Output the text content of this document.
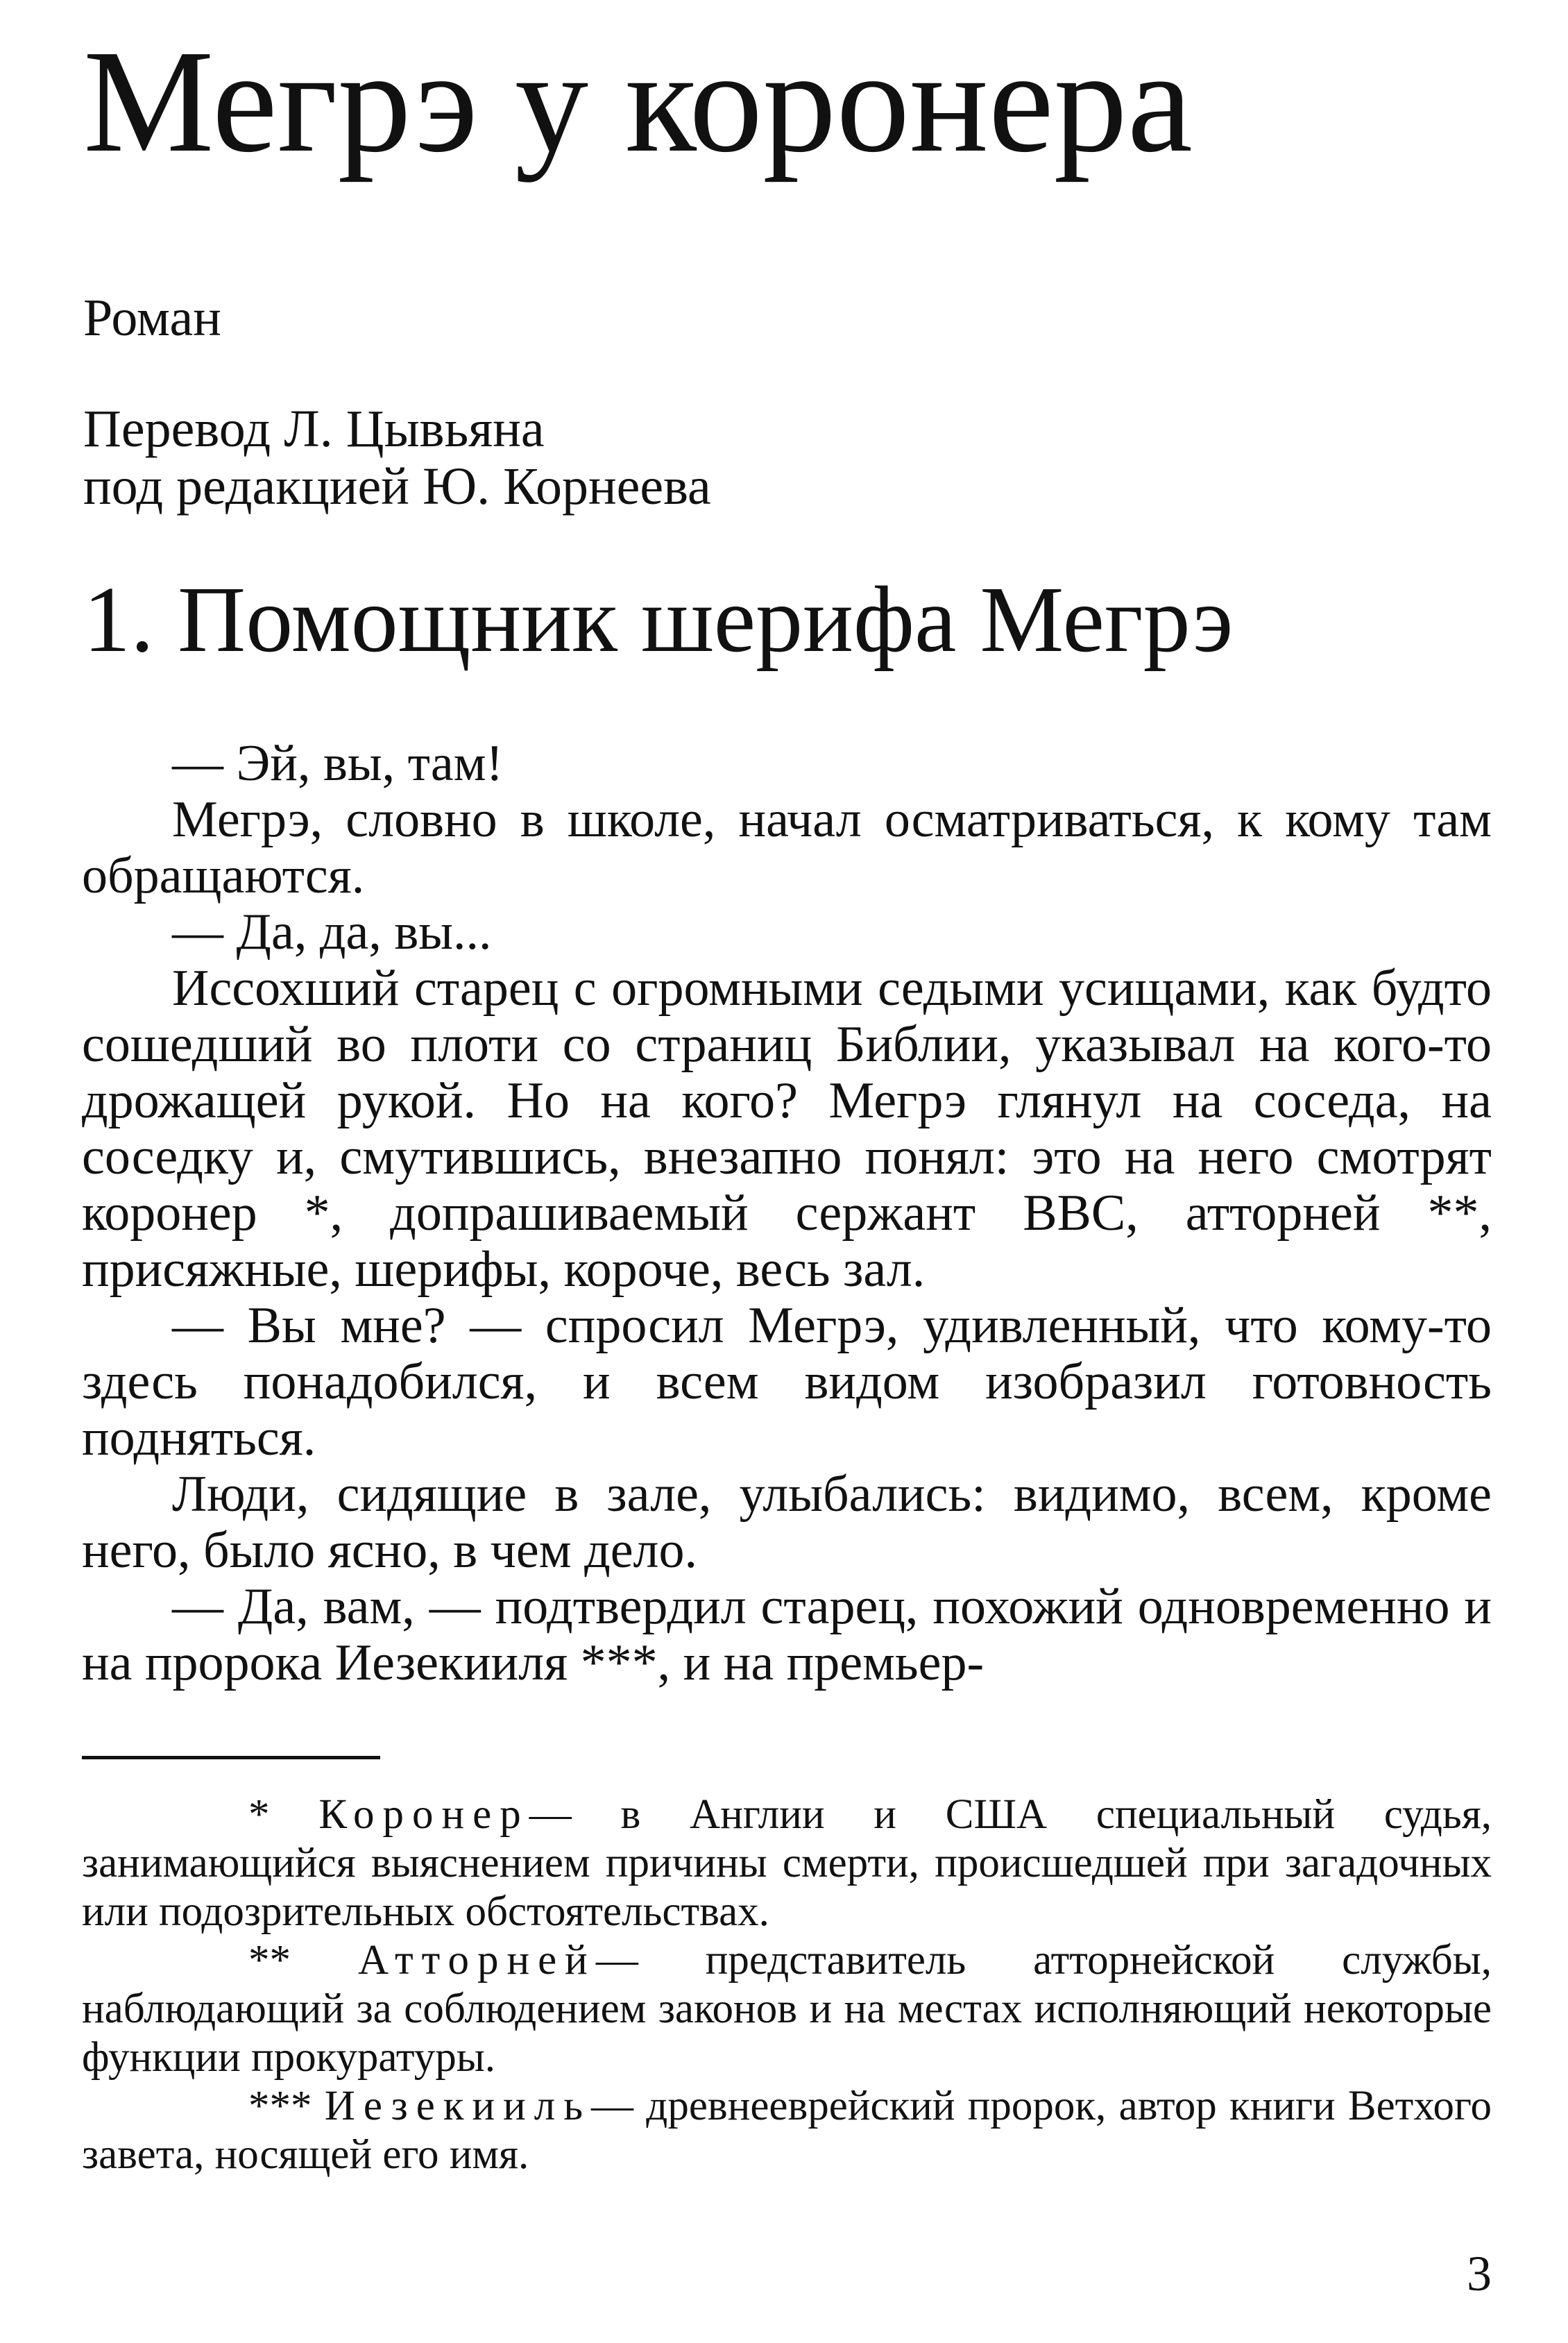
Мегрэ у коронера
Роман
Перевод Л. Цывьяна
под редакцией Ю. Корнеева
1. Помощник шерифа Мегрэ

— Эй, вы, там!

Мегрэ, словно в школе, начал осматриваться, к кому там обращаются.

— Да, да, вы...

Иссохший старец с огромными седыми усищами, как будто сошедший во плоти со страниц Библии, указывал на кого-то дрожащей рукой. Но на кого? Мегрэ глянул на соседа, на соседку и, смутившись, внезапно понял: это на него смотрят коронер *, допрашиваемый сержант ВВС, атторней **, присяжные, шерифы, короче, весь зал.

— Вы мне? — спросил Мегрэ, удивленный, что кому-то здесь понадобился, и всем видом изобразил готовность подняться.

Люди, сидящие в зале, улыбались: видимо, всем, кроме него, было ясно, в чем дело.

— Да, вам, — подтвердил старец, похожий одновременно и на пророка Иезекииля ***, и на премьер-

* Коронер— в Англии и США специальный судья, занимающийся выяснением причины смерти, происшедшей при загадочных или подозрительных обстоятельствах.

** Атторней— представитель атторнейской службы, наблюдающий за соблюдением законов и на местах исполняющий некоторые функции прокуратуры.

*** Иезекииль— древнееврейский пророк, автор книги Ветхого завета, носящей его имя.

3
